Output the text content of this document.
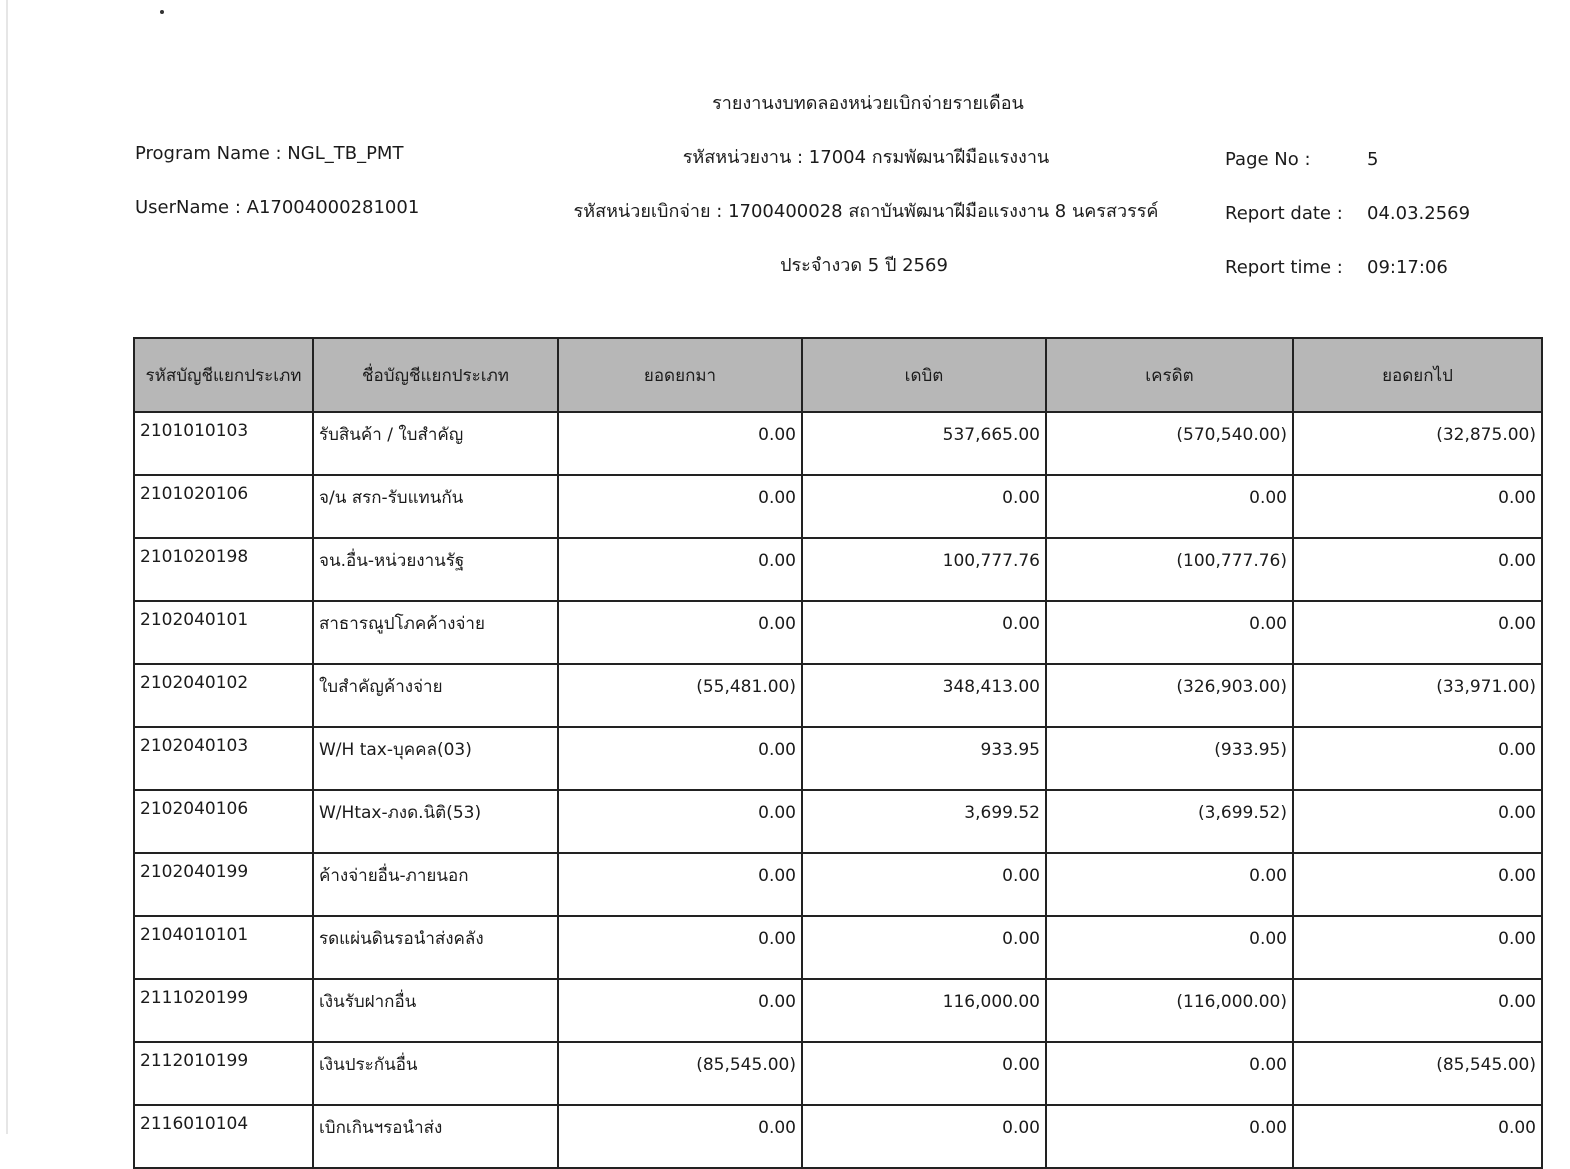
รายงานงบทดลองหน่วยเบิกจ่ายรายเดือน
รหัสหน่วยงาน : 17004 กรมพัฒนาฝีมือแรงงาน
รหัสหน่วยเบิกจ่าย : 1700400028 สถาบันพัฒนาฝีมือแรงงาน 8 นครสวรรค์
ประจำงวด 5 ปี 2569
Program Name : NGL_TB_PMT
UserName : A17004000281001
Page No :	5
Report date : 04.03.2569
Report time : 09:17:06
รหัสบัญชีแยกประเภท	ชื่อบัญชีแยกประเภท	ยอดยกมา	เดบิต	เครดิต	ยอดยกไป
2101010103	รับสินค้า / ใบสำคัญ	0.00	537,665.00	(570,540.00)	(32,875.00)
2101020106	จ/น สรก-รับแทนกัน	0.00	0.00	0.00	0.00
2101020198	จน.อื่น-หน่วยงานรัฐ	0.00	100,777.76	(100,777.76)	0.00
2102040101	สาธารณูปโภคค้างจ่าย	0.00	0.00	0.00	0.00
2102040102	ใบสำคัญค้างจ่าย	(55,481.00)	348,413.00	(326,903.00)	(33,971.00)
2102040103	W/H tax-บุคคล(03)	0.00	933.95	(933.95)	0.00
2102040106	W/Htax-ภงด.นิติ(53)	0.00	3,699.52	(3,699.52)	0.00
2102040199	ค้างจ่ายอื่น-ภายนอก	0.00	0.00	0.00	0.00
2104010101	รดแผ่นดินรอนำส่งคลัง	0.00	0.00	0.00	0.00
2111020199	เงินรับฝากอื่น	0.00	116,000.00	(116,000.00)	0.00
2112010199	เงินประกันอื่น	(85,545.00)	0.00	0.00	(85,545.00)
2116010104	เบิกเกินฯรอนำส่ง	0.00	0.00	0.00	0.00
